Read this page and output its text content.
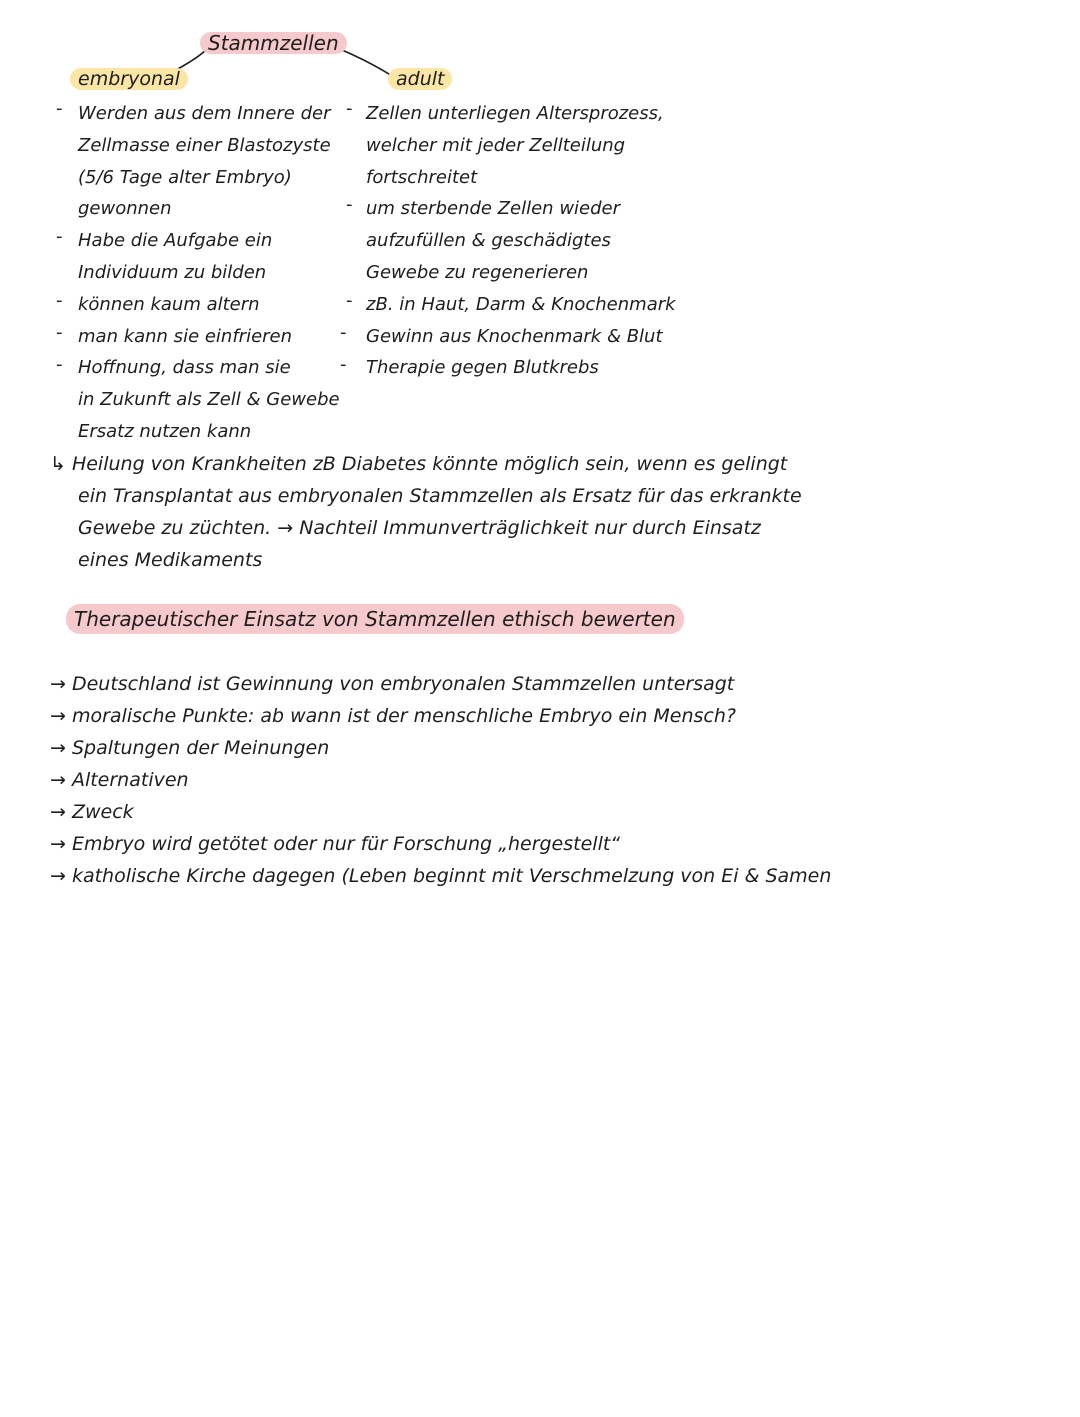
Stammzellen
embryonal	adult
-
-
-
-
-
Werden aus dem Innere der
Zellmasse einer Blastozyste
(5/6 Tage alter Embryo)
gewonnen
Habe die Aufgabe ein
Individuum zu bilden
können kaum altern
man kann sie einfrieren
Hoffnung, dass man sie
in Zukunft als Zell & Gewebe
Ersatz nutzen kann
-
-
-
-
-
Zellen unterliegen Altersprozess,
welcher mit jeder Zellteilung
fortschreitet
um sterbende Zellen wieder
aufzufüllen & geschädigtes
Gewebe zu regenerieren
zB. in Haut, Darm & Knochenmark
Gewinn aus Knochenmark & Blut
Therapie gegen Blutkrebs
↳ Heilung von Krankheiten zB Diabetes könnte möglich sein, wenn es gelingt
ein Transplantat aus embryonalen Stammzellen als Ersatz für das erkrankte
Gewebe zu züchten. → Nachteil Immunverträglichkeit nur durch Einsatz
eines Medikaments
Therapeutischer Einsatz von Stammzellen ethisch bewerten
→ Deutschland ist Gewinnung von embryonalen Stammzellen untersagt
→ moralische Punkte: ab wann ist der menschliche Embryo ein Mensch?
→ Spaltungen der Meinungen
→ Alternativen
→ Zweck
→ Embryo wird getötet oder nur für Forschung „hergestellt“
→ katholische Kirche dagegen (Leben beginnt mit Verschmelzung von Ei & Samen
